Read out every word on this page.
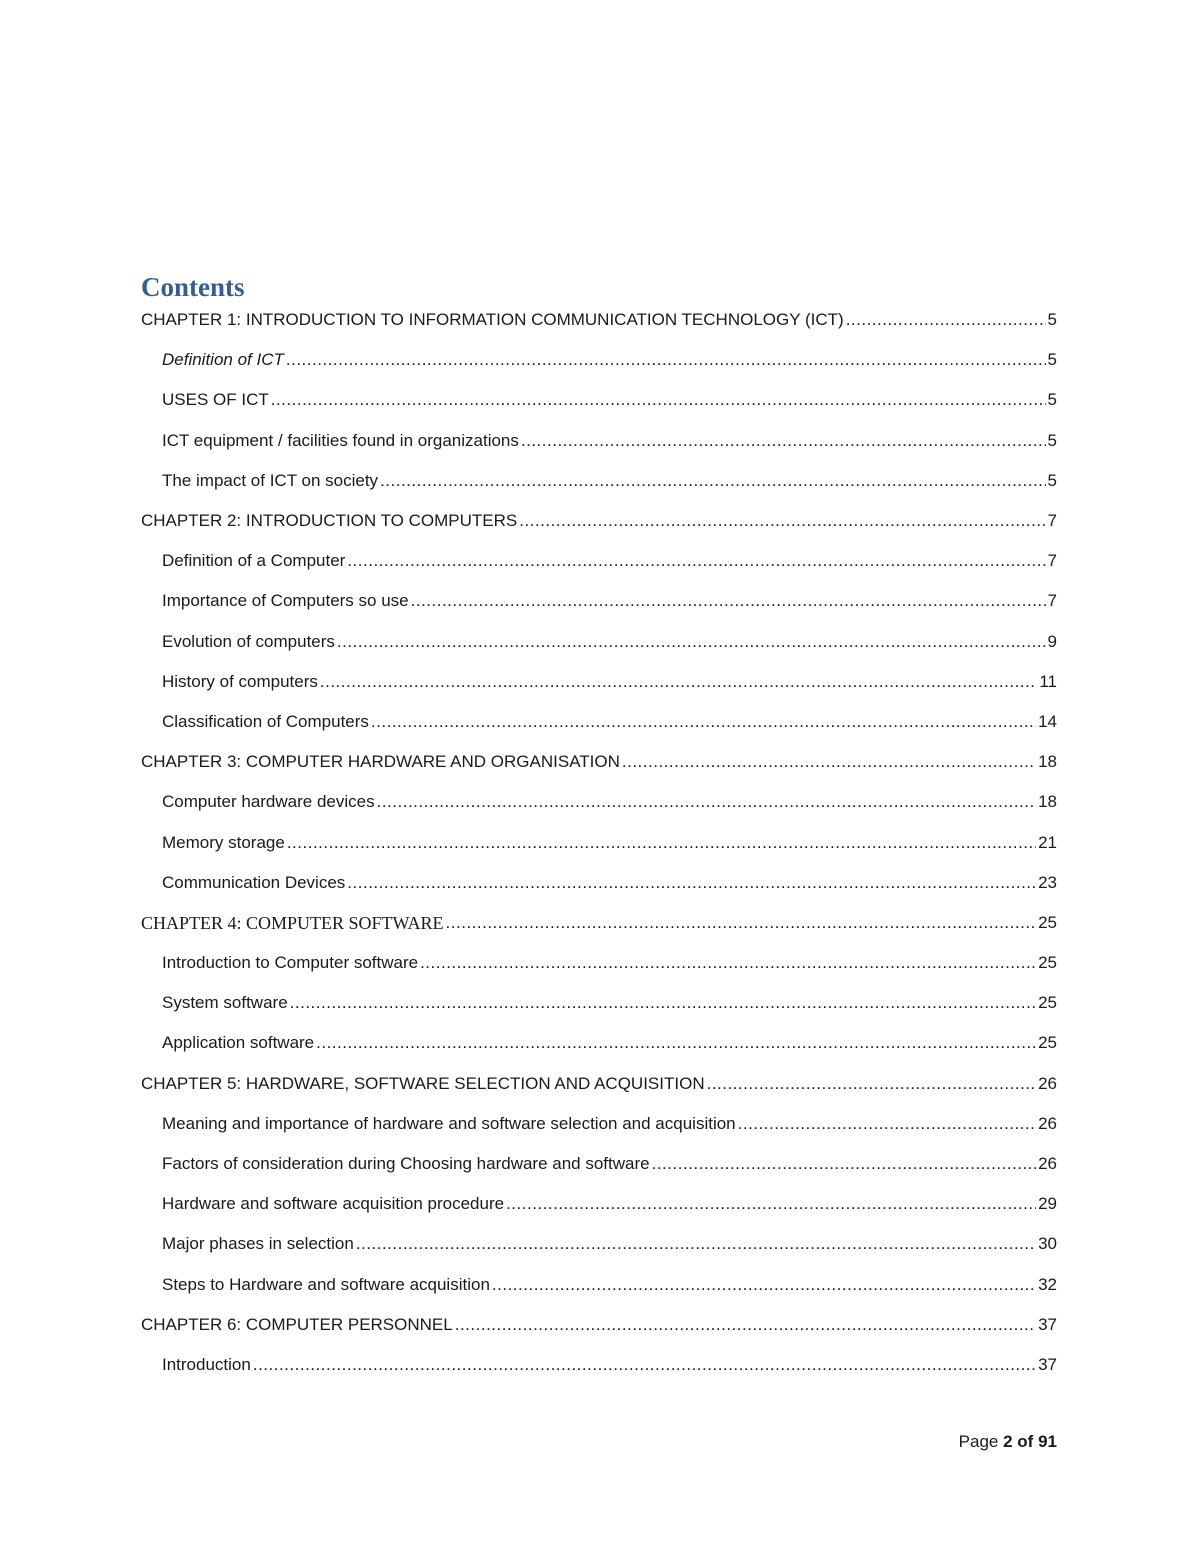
Contents
CHAPTER 1: INTRODUCTION TO INFORMATION COMMUNICATION TECHNOLOGY (ICT) .....	5
Definition of ICT .....	5
USES OF ICT .....	5
ICT equipment / facilities found in organizations .....	5
The impact of ICT on society .....	5
CHAPTER 2: INTRODUCTION TO COMPUTERS .....	7
Definition of a Computer .....	7
Importance of Computers so use .....	7
Evolution of computers .....	9
History of computers .....	11
Classification of Computers .....	14
CHAPTER 3: COMPUTER HARDWARE AND ORGANISATION .....	18
Computer hardware devices .....	18
Memory storage .....	21
Communication Devices .....	23
CHAPTER 4: COMPUTER SOFTWARE .....	25
Introduction to Computer software .....	25
System software .....	25
Application software .....	25
CHAPTER 5: HARDWARE, SOFTWARE SELECTION AND ACQUISITION .....	26
Meaning and importance of hardware and software selection and acquisition .....	26
Factors of consideration during Choosing hardware and software .....	26
Hardware and software acquisition procedure .....	29
Major phases in selection .....	30
Steps to Hardware and software acquisition .....	32
CHAPTER 6: COMPUTER PERSONNEL .....	37
Introduction .....	37
Page 2 of 91
